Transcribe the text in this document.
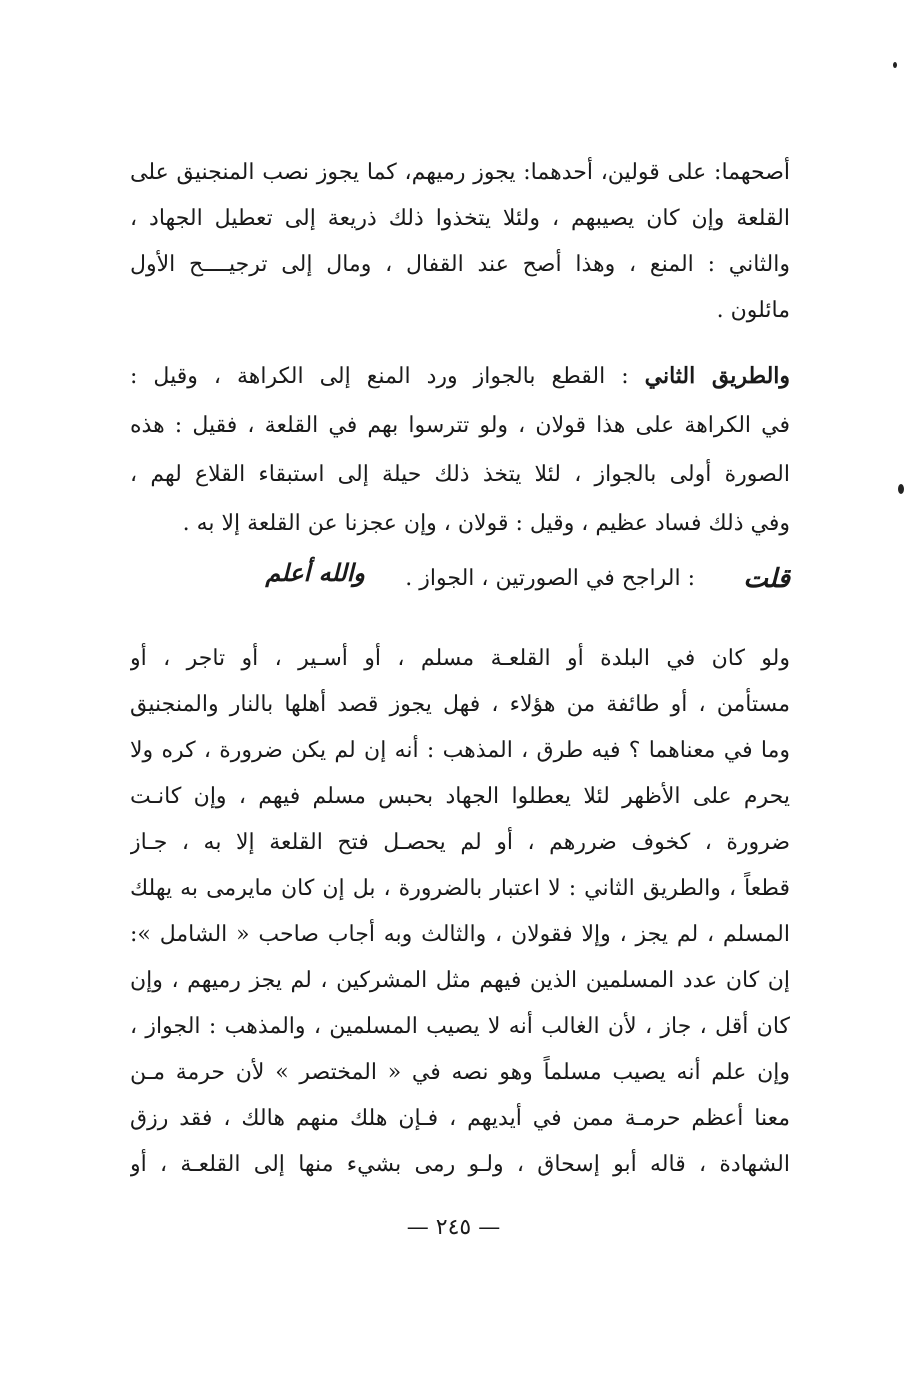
أصحهما: على قولين، أحدهما: يجوز رميهم، كما يجوز نصب المنجنيق على
القلعة وإن كان يصيبهم ، ولئلا يتخذوا ذلك ذريعة إلى تعطيل الجهاد ،
والثاني : المنع ، وهذا أصح عند القفال ، ومال إلى ترجيــــح الأول
مائلون .
والطريق الثاني : القطع بالجواز ورد المنع إلى الكراهة ، وقيل :
في الكراهة على هذا قولان ، ولو تترسوا بهم في القلعة ، فقيل : هذه
الصورة أولى بالجواز ، لئلا يتخذ ذلك حيلة إلى استبقاء القلاع لهم ،
وفي ذلك فساد عظيم ، وقيل : قولان ، وإن عجزنا عن القلعة إلا به .
قلت
: الراجح في الصورتين ، الجواز .
والله أعلم
ولو كان في البلدة أو القلعـة مسلم ، أو أسـير ، أو تاجر ، أو
مستأمن ، أو طائفة من هؤلاء ، فهل يجوز قصد أهلها بالنار والمنجنيق
وما في معناهما ؟ فيه طرق ، المذهب : أنه إن لم يكن ضرورة ، كره ولا
يحرم على الأظهر لئلا يعطلوا الجهاد بحبس مسلم فيهم ، وإن كانـت
ضرورة ، كخوف ضررهم ، أو لم يحصـل فتح القلعة إلا به ، جـاز
قطعاً ، والطريق الثاني : لا اعتبار بالضرورة ، بل إن كان مايرمى به يهلك
المسلم ، لم يجز ، وإلا فقولان ، والثالث وبه أجاب صاحب « الشامل »:
إن كان عدد المسلمين الذين فيهم مثل المشركين ، لم يجز رميهم ، وإن
كان أقل ، جاز ، لأن الغالب أنه لا يصيب المسلمين ، والمذهب : الجواز ،
وإن علم أنه يصيب مسلماً وهو نصه في « المختصر » لأن حرمة مـن
معنا أعظم حرمـة ممن في أيديهم ، فـإن هلك منهم هالك ، فقد رزق
الشهادة ، قاله أبو إسحاق ، ولـو رمى بشيء منها إلى القلعـة ، أو
— ٢٤٥ —
